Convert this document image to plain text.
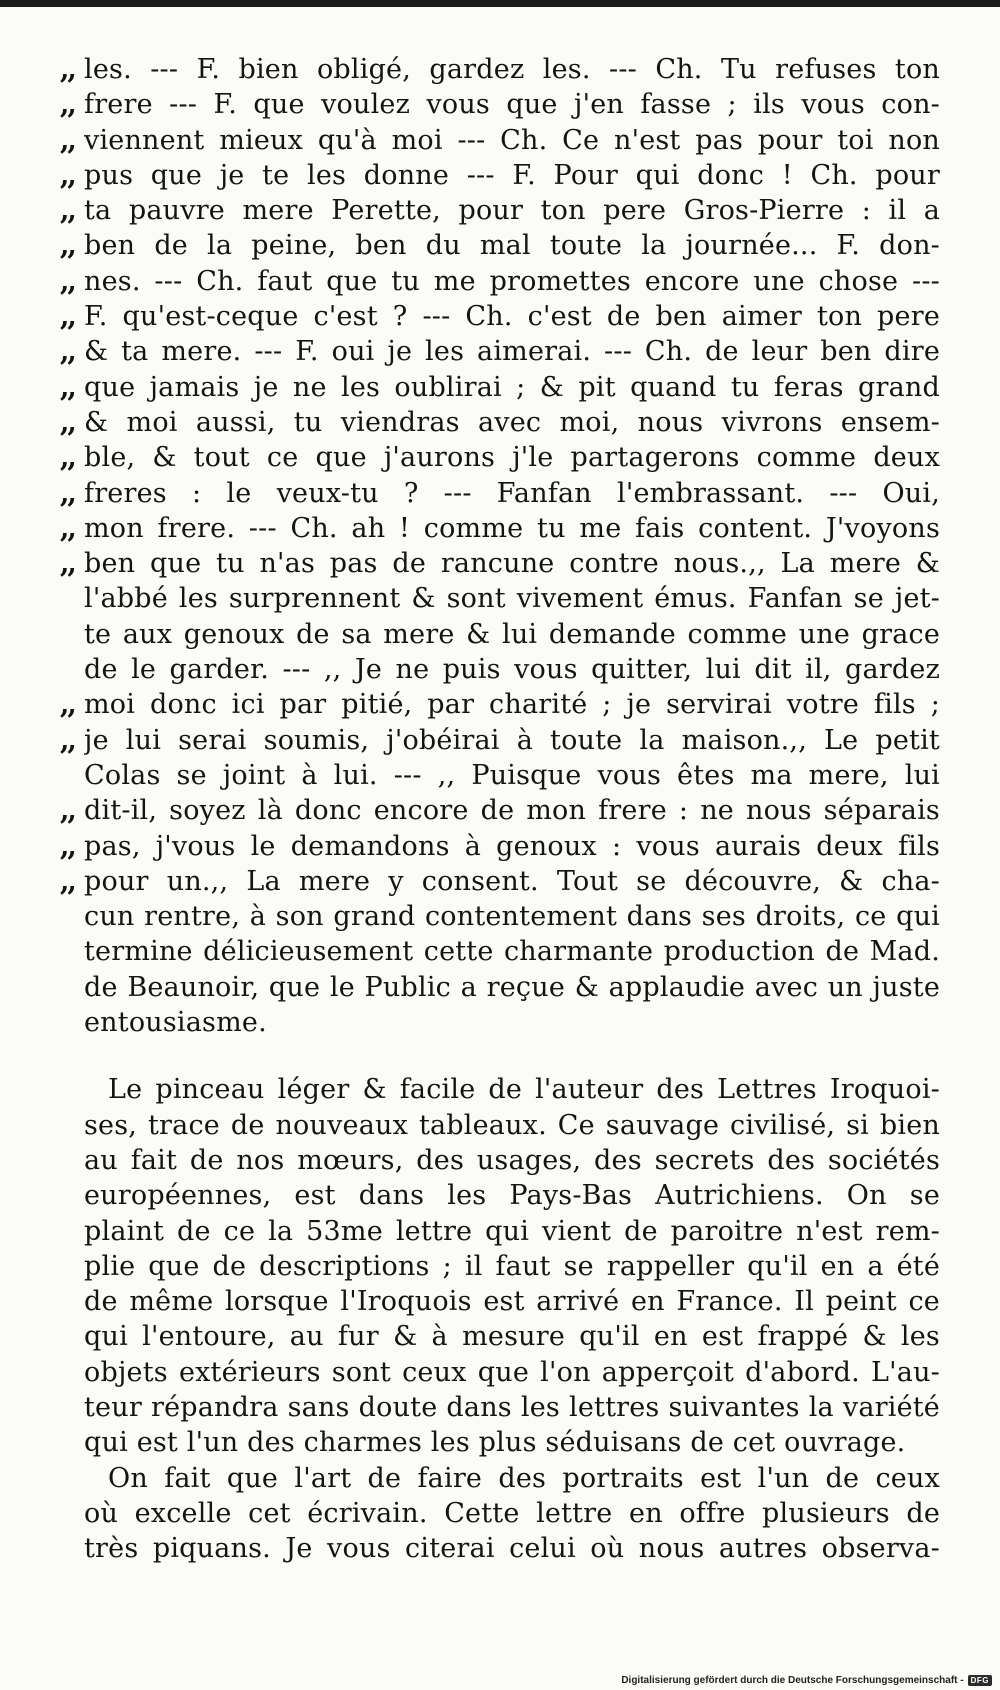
,, les. --- F. bien obligé, gardez les. --- Ch. Tu refuses ton
,, frere --- F. que voulez vous que j'en fasse ; ils vous con-
,, viennent mieux qu'à moi --- Ch. Ce n'est pas pour toi non
,, pus que je te les donne --- F. Pour qui donc ! Ch. pour
,, ta pauvre mere Perette, pour ton pere Gros-Pierre : il a
,, ben de la peine, ben du mal toute la journée... F. don-
,, nes. --- Ch. faut que tu me promettes encore une chose ---
,, F. qu'est-ceque c'est ? --- Ch. c'est de ben aimer ton pere
,, & ta mere. --- F. oui je les aimerai. --- Ch. de leur ben dire
,, que jamais je ne les oublirai ; & pit quand tu feras grand
,, & moi aussi, tu viendras avec moi, nous vivrons ensem-
,, ble, & tout ce que j'aurons j'le partagerons comme deux
,, freres : le veux-tu ? --- Fanfan l'embrassant. --- Oui,
,, mon frere. --- Ch. ah ! comme tu me fais content. J'voyons
,, ben que tu n'as pas de rancune contre nous.,, La mere &
l'abbé les surprennent & sont vivement émus. Fanfan se jet-
te aux genoux de sa mere & lui demande comme une grace
de le garder. --- ,, Je ne puis vous quitter, lui dit il, gardez
,, moi donc ici par pitié, par charité ; je servirai votre fils ;
,, je lui serai soumis, j'obéirai à toute la maison.,, Le petit
Colas se joint à lui. --- ,, Puisque vous êtes ma mere, lui
,, dit-il, soyez là donc encore de mon frere : ne nous séparais
,, pas, j'vous le demandons à genoux : vous aurais deux fils
,, pour un.,, La mere y consent. Tout se découvre, & cha-
cun rentre, à son grand contentement dans ses droits, ce qui
termine délicieusement cette charmante production de Mad.
de Beaunoir, que le Public a reçue & applaudie avec un juste
entousiasme.
Le pinceau léger & facile de l'auteur des Lettres Iroquoi-
ses, trace de nouveaux tableaux. Ce sauvage civilisé, si bien
au fait de nos mœurs, des usages, des secrets des sociétés
européennes, est dans les Pays-Bas Autrichiens. On se
plaint de ce la 53me lettre qui vient de paroitre n'est rem-
plie que de descriptions ; il faut se rappeller qu'il en a été
de même lorsque l'Iroquois est arrivé en France. Il peint ce
qui l'entoure, au fur & à mesure qu'il en est frappé & les
objets extérieurs sont ceux que l'on apperçoit d'abord. L'au-
teur répandra sans doute dans les lettres suivantes la variété
qui est l'un des charmes les plus séduisans de cet ouvrage.
On fait que l'art de faire des portraits est l'un de ceux
où excelle cet écrivain. Cette lettre en offre plusieurs de
très piquans. Je vous citerai celui où nous autres observa-
Digitalisierung gefördert durch die Deutsche Forschungsgemeinschaft - DFG
